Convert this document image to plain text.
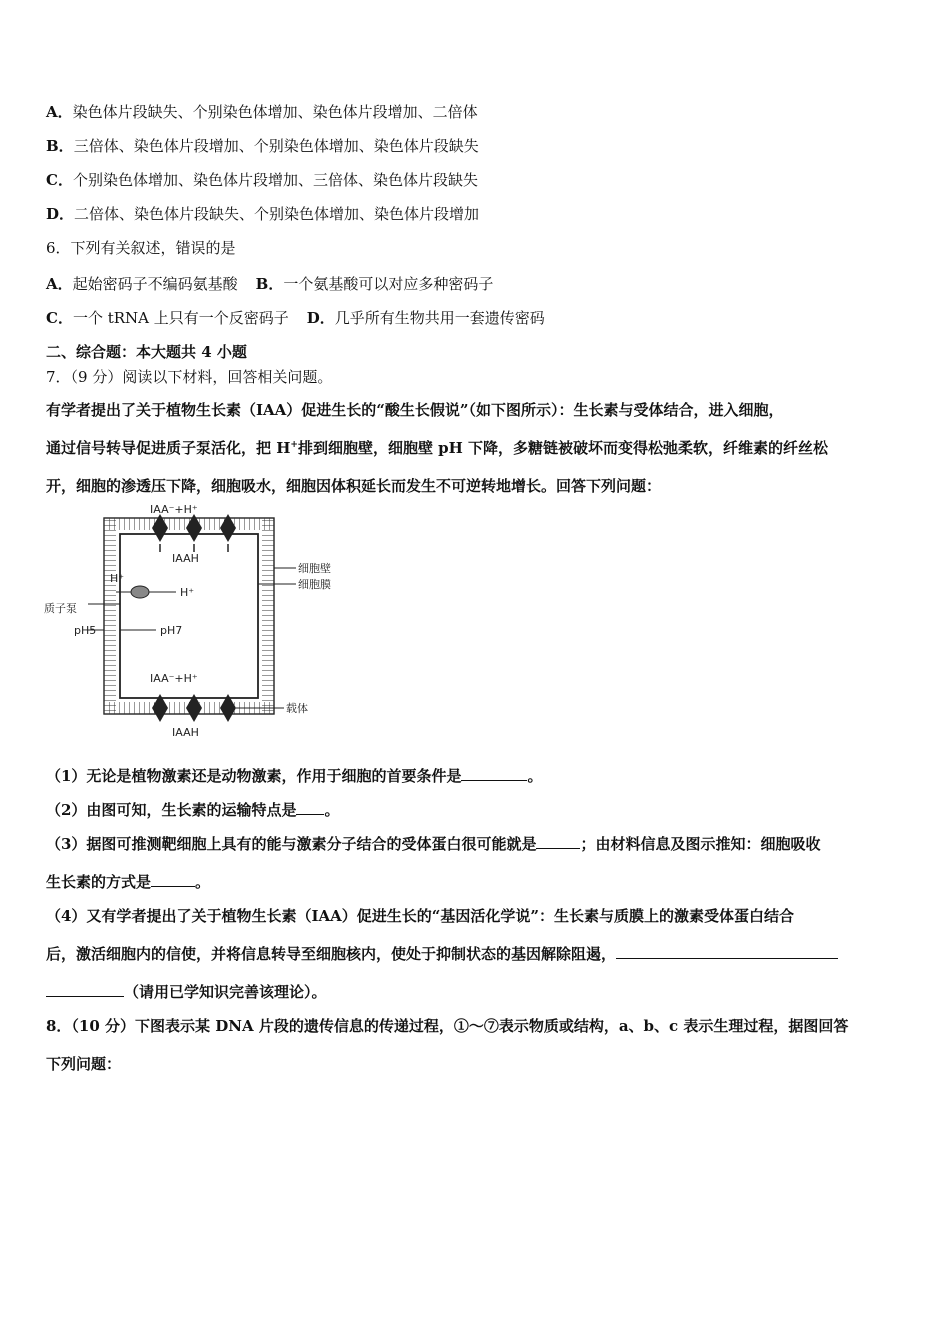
A．染色体片段缺失、个别染色体增加、染色体片段增加、二倍体
B．三倍体、染色体片段增加、个别染色体增加、染色体片段缺失
C．个别染色体增加、染色体片段增加、三倍体、染色体片段缺失
D．二倍体、染色体片段缺失、个别染色体增加、染色体片段增加
6．下列有关叙述，错误的是
A．起始密码子不编码氨基酸 B．一个氨基酸可以对应多种密码子
C．一个 tRNA 上只有一个反密码子 D．几乎所有生物共用一套遗传密码
二、综合题：本大题共 4 小题
7．（9 分）阅读以下材料，回答相关问题。
有学者提出了关于植物生长素（IAA）促进生长的“酸生长假说”（如下图所示）：生长素与受体结合，进入细胞，
通过信号转导促进质子泵活化，把 H+排到细胞壁，细胞壁 pH 下降，多糖链被破坏而变得松弛柔软，纤维素的纤丝松
开，细胞的渗透压下降，细胞吸水，细胞因体积延长而发生不可逆转地增长。回答下列问题：
IAA⁻+H⁺
IAAH
IAA⁻+H⁺
IAAH
H⁺
H⁺
质子泵
pH5	pH7
细胞壁
细胞膜
载体
（1）无论是植物激素还是动物激素，作用于细胞的首要条件是	。
（2）由图可知，生长素的运输特点是 。
（3）据图可推测靶细胞上具有的能与激素分子结合的受体蛋白很可能就是	；由材料信息及图示推知：细胞吸收
生长素的方式是	。
（4）又有学者提出了关于植物生长素（IAA）促进生长的“基因活化学说”：生长素与质膜上的激素受体蛋白结合
后，激活细胞内的信使，并将信息转导至细胞核内，使处于抑制状态的基因解除阻遏，
（请用已学知识完善该理论）。
8．（10 分）下图表示某 DNA 片段的遗传信息的传递过程，①～⑦表示物质或结构，a、b、c 表示生理过程，据图回答
下列问题：
